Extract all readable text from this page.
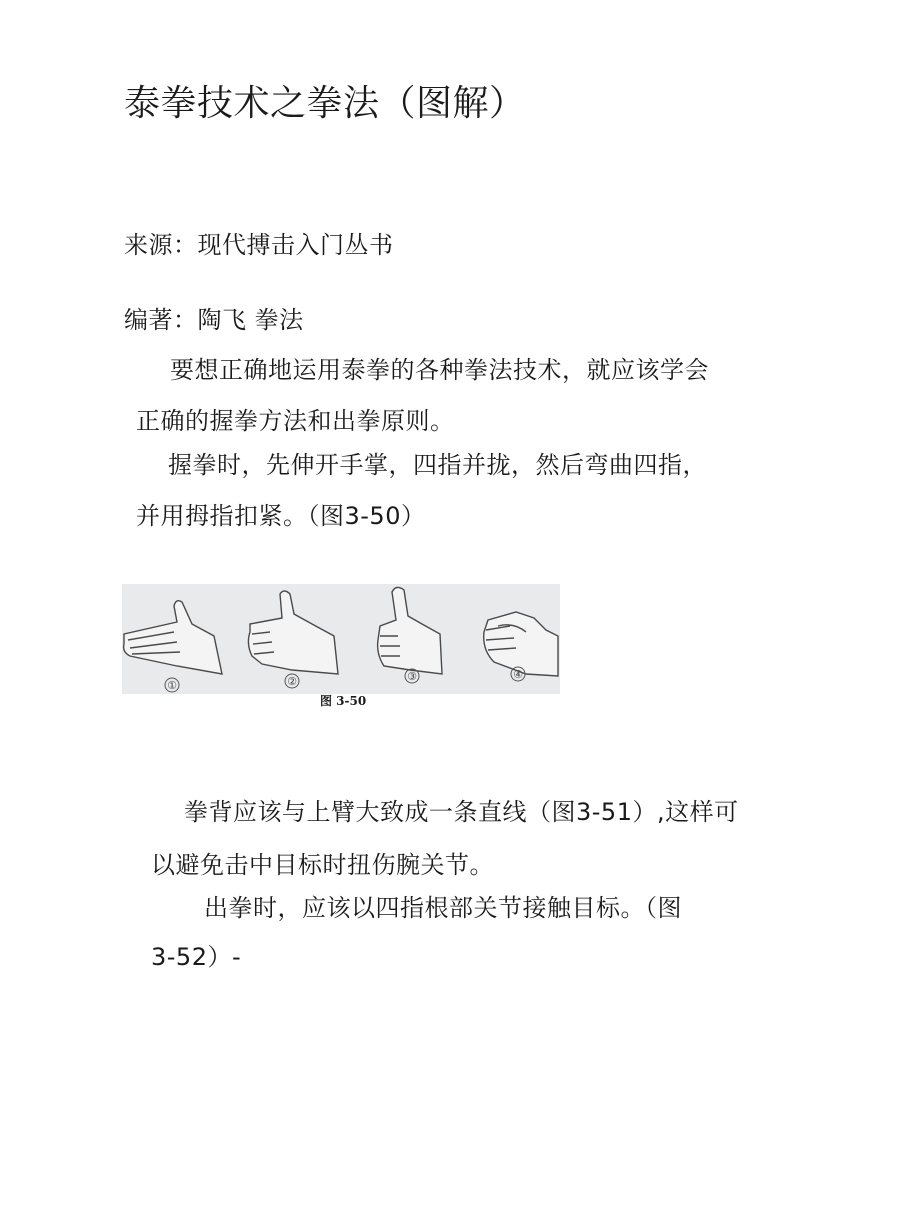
泰拳技术之拳法（图解）
来源：现代搏击入门丛书
编著：陶飞 拳法
要想正确地运用泰拳的各种拳法技术，就应该学会
正确的握拳方法和出拳原则。
握拳时，先伸开手掌，四指并拢，然后弯曲四指，
并用拇指扣紧。（图3-50）
①	②	③	④
图 3-50
拳背应该与上臂大致成一条直线（图3-51）,这样可
以避免击中目标时扭伤腕关节。
出拳时，应该以四指根部关节接触目标。（图
3-52）-
